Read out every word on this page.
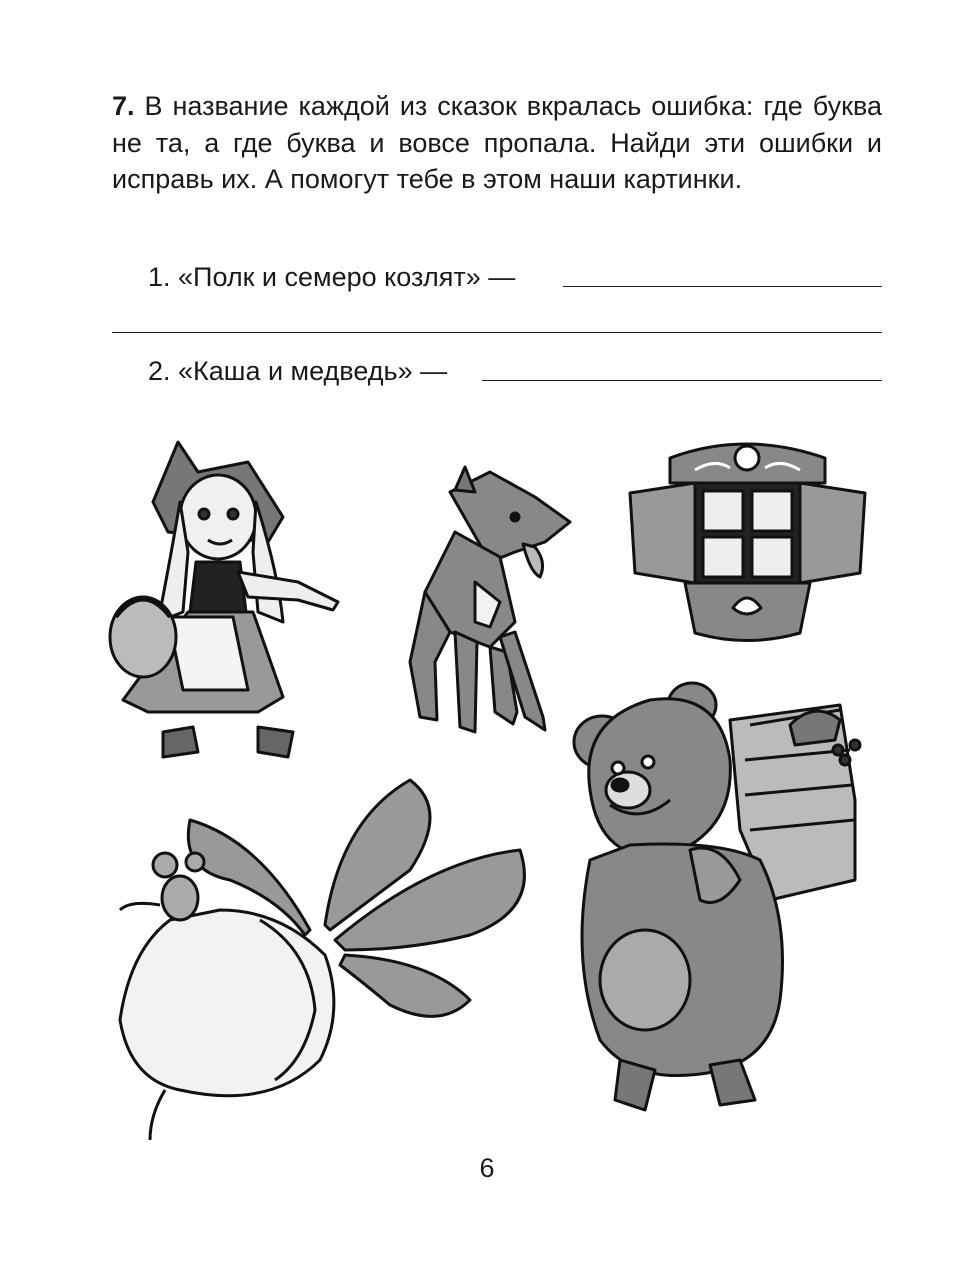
7. В название каждой из сказок вкралась ошибка: где буква не та, а где буква и вовсе пропала. Найди эти ошибки и исправь их. А помогут тебе в этом наши картинки.
1. «Полк и семеро козлят» —
2. «Каша и медведь» —
6
